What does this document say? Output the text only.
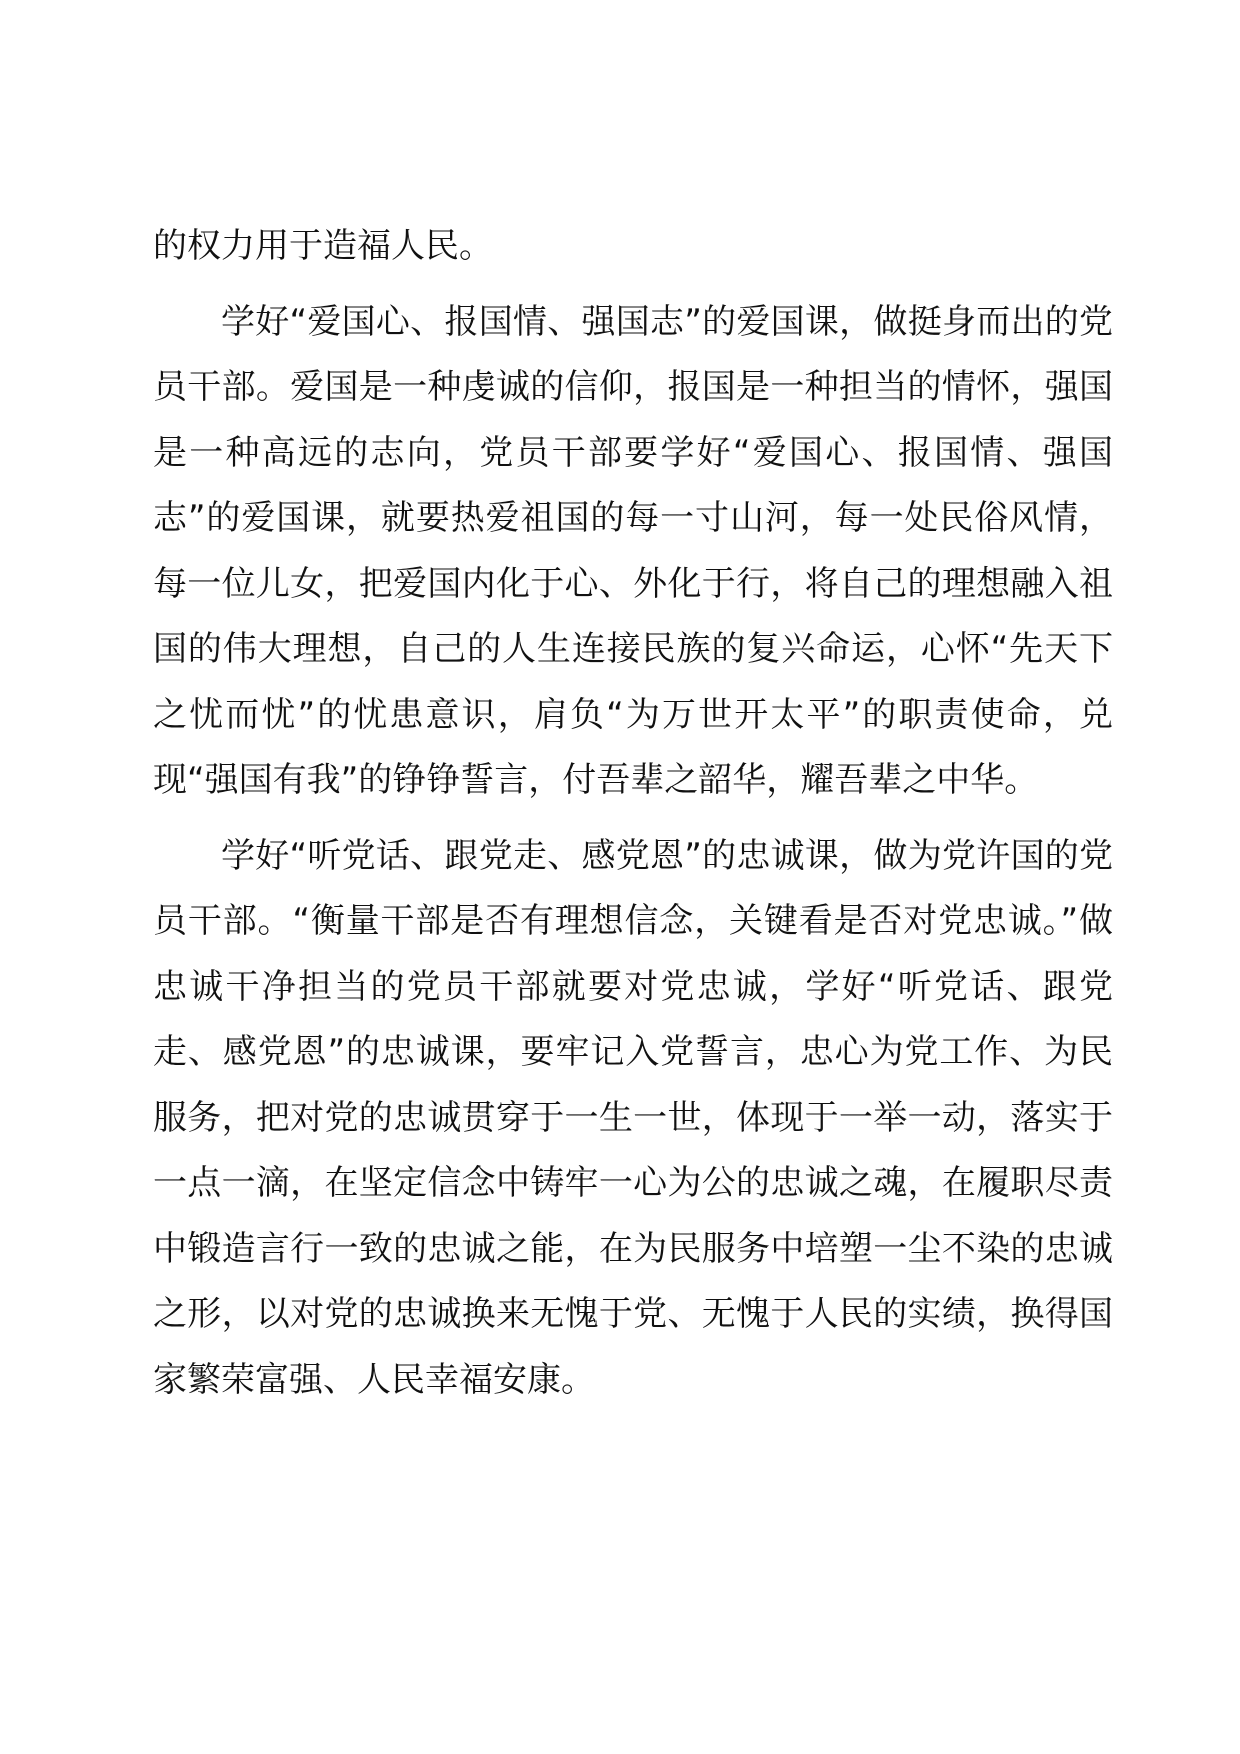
的权力用于造福人民。

学好“爱国心、报国情、强国志”的爱国课，做挺身而出的党员干部。爱国是一种虔诚的信仰，报国是一种担当的情怀，强国是一种高远的志向，党员干部要学好“爱国心、报国情、强国志”的爱国课，就要热爱祖国的每一寸山河，每一处民俗风情，每一位儿女，把爱国内化于心、外化于行，将自己的理想融入祖国的伟大理想，自己的人生连接民族的复兴命运，心怀“先天下之忧而忧”的忧患意识，肩负“为万世开太平”的职责使命，兑现“强国有我”的铮铮誓言，付吾辈之韶华，耀吾辈之中华。

学好“听党话、跟党走、感党恩”的忠诚课，做为党许国的党员干部。“衡量干部是否有理想信念，关键看是否对党忠诚。”做忠诚干净担当的党员干部就要对党忠诚，学好“听党话、跟党走、感党恩”的忠诚课，要牢记入党誓言，忠心为党工作、为民服务，把对党的忠诚贯穿于一生一世，体现于一举一动，落实于一点一滴，在坚定信念中铸牢一心为公的忠诚之魂，在履职尽责中锻造言行一致的忠诚之能，在为民服务中培塑一尘不染的忠诚之形，以对党的忠诚换来无愧于党、无愧于人民的实绩，换得国家繁荣富强、人民幸福安康。
